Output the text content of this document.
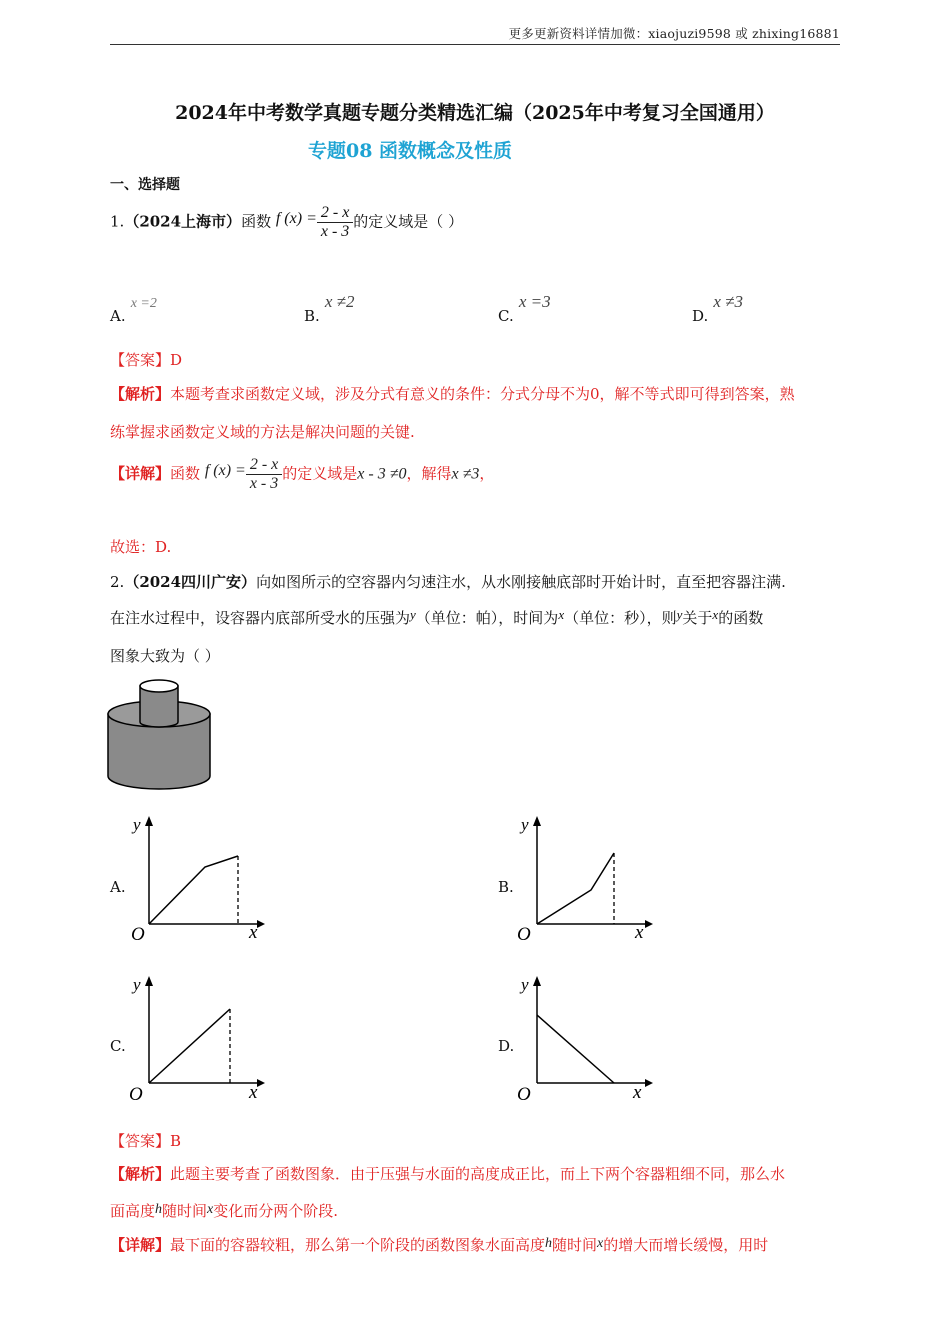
更多更新资料详情加微：xiaojuzi9598 或 zhixing16881
2024年中考数学真题专题分类精选汇编（2025年中考复习全国通用）
专题08 函数概念及性质
一、选择题
1.（2024上海市）函数 f $(x) = \frac{2 - x}{x - 3}$ 的定义域是（ ）
A. x =2
B. x ≠2
C. x =3
D. x ≠3
【答案】D
【解析】本题考查求函数定义域，涉及分式有意义的条件：分式分母不为0，解不等式即可得到答案，熟
练掌握求函数定义域的方法是解决问题的关键.
【详解】函数 f $(x) = \frac{2 - x}{x - 3}$ 的定义域是x - 3 ≠0，解得x ≠3，
故选：D.
2.（2024四川广安）向如图所示的空容器内匀速注水，从水刚接触底部时开始计时，直至把容器注满.
在注水过程中，设容器内底部所受水的压强为y（单位：帕），时间为x（单位：秒），则y关于x的函数
图象大致为（ ）
A.
y
x
O
B.
y
x
O
C.
y
x
O
D.
y
x
O
【答案】B
【解析】此题主要考查了函数图象．由于压强与水面的高度成正比，而上下两个容器粗细不同，那么水
面高度h随时间x变化而分两个阶段.
【详解】最下面的容器较粗，那么第一个阶段的函数图象水面高度h随时间x的增大而增长缓慢，用时
